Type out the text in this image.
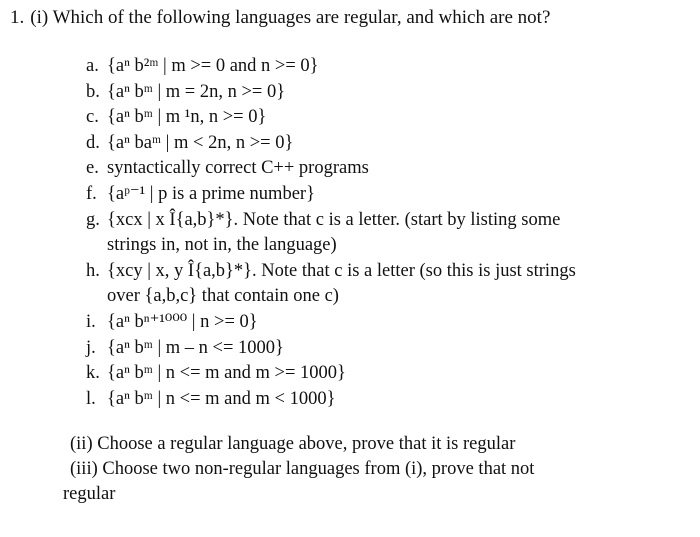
1. (i) Which of the following languages are regular, and which are not?
a. {aⁿ b²ᵐ | m >= 0 and n >= 0}
b. {aⁿ bᵐ | m = 2n, n >= 0}
c. {aⁿ bᵐ | m ¹n, n >= 0}
d. {aⁿ baᵐ | m < 2n, n >= 0}
e. syntactically correct C++ programs
f. {aᵖ⁻¹ | p is a prime number}
g. {xcx | x Î{a,b}*}. Note that c is a letter. (start by listing some
strings in, not in, the language)
h. {xcy | x, y Î{a,b}*}. Note that c is a letter (so this is just strings
over {a,b,c} that contain one c)
i. {aⁿ bⁿ⁺¹⁰⁰⁰ | n >= 0}
j. {aⁿ bᵐ | m – n <= 1000}
k. {aⁿ bᵐ | n <= m and m >= 1000}
l. {aⁿ bᵐ | n <= m and m < 1000}
(ii) Choose a regular language above, prove that it is regular
(iii) Choose two non-regular languages from (i), prove that not
regular
